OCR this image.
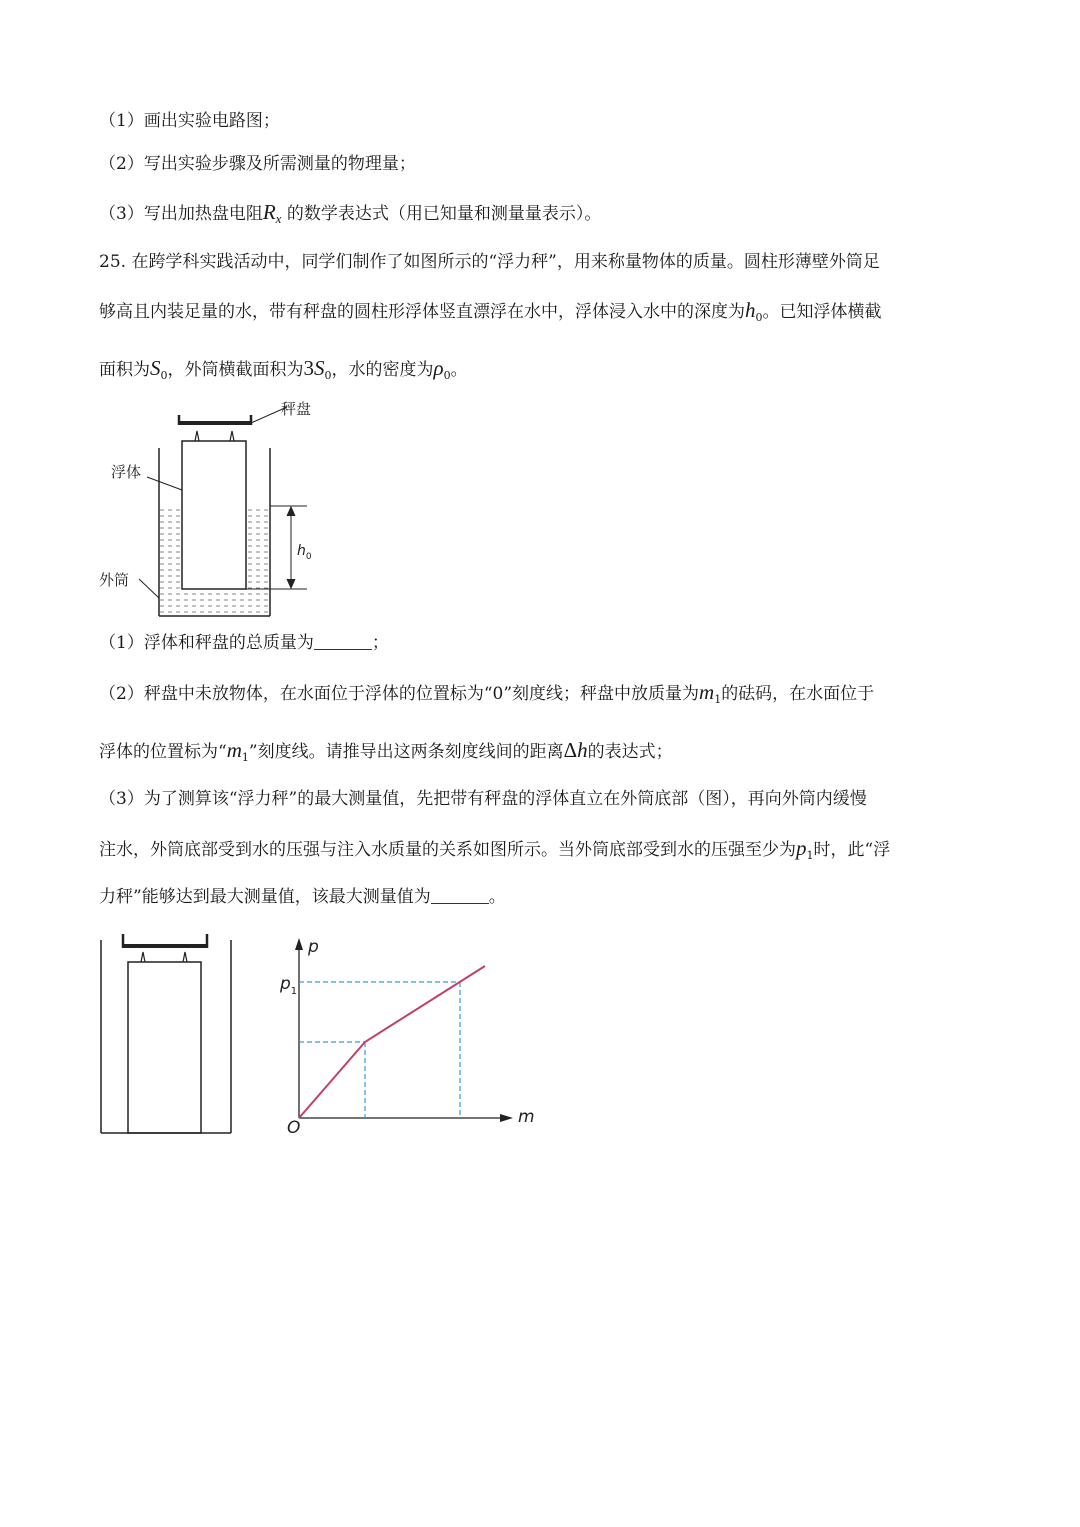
（1）画出实验电路图；
（2）写出实验步骤及所需测量的物理量；
（3）写出加热盘电阻$R_x$ 的数学表达式（用已知量和测量量表示）。
25. 在跨学科实践活动中，同学们制作了如图所示的“浮力秤”，用来称量物体的质量。圆柱形薄壁外筒足
够高且内装足量的水，带有秤盘的圆柱形浮体竖直漂浮在水中，浮体浸入水中的深度为$h_0$。已知浮体横截
面积为$S_0$，外筒横截面积为$3S_0$，水的密度为$\rho_0$。
秤盘
浮体
外筒
$h_0$
（1）浮体和秤盘的总质量为	；
（2）秤盘中未放物体，在水面位于浮体的位置标为“0”刻度线；秤盘中放质量为$m_1$的砝码，在水面位于
浮体的位置标为“$m_1$”刻度线。请推导出这两条刻度线间的距离Δh的表达式；
（3）为了测算该“浮力秤”的最大测量值，先把带有秤盘的浮体直立在外筒底部（图），再向外筒内缓慢
注水，外筒底部受到水的压强与注入水质量的关系如图所示。当外筒底部受到水的压强至少为$p_1$时，此“浮
力秤”能够达到最大测量值，该最大测量值为	。
p
m
O
$p_1$
